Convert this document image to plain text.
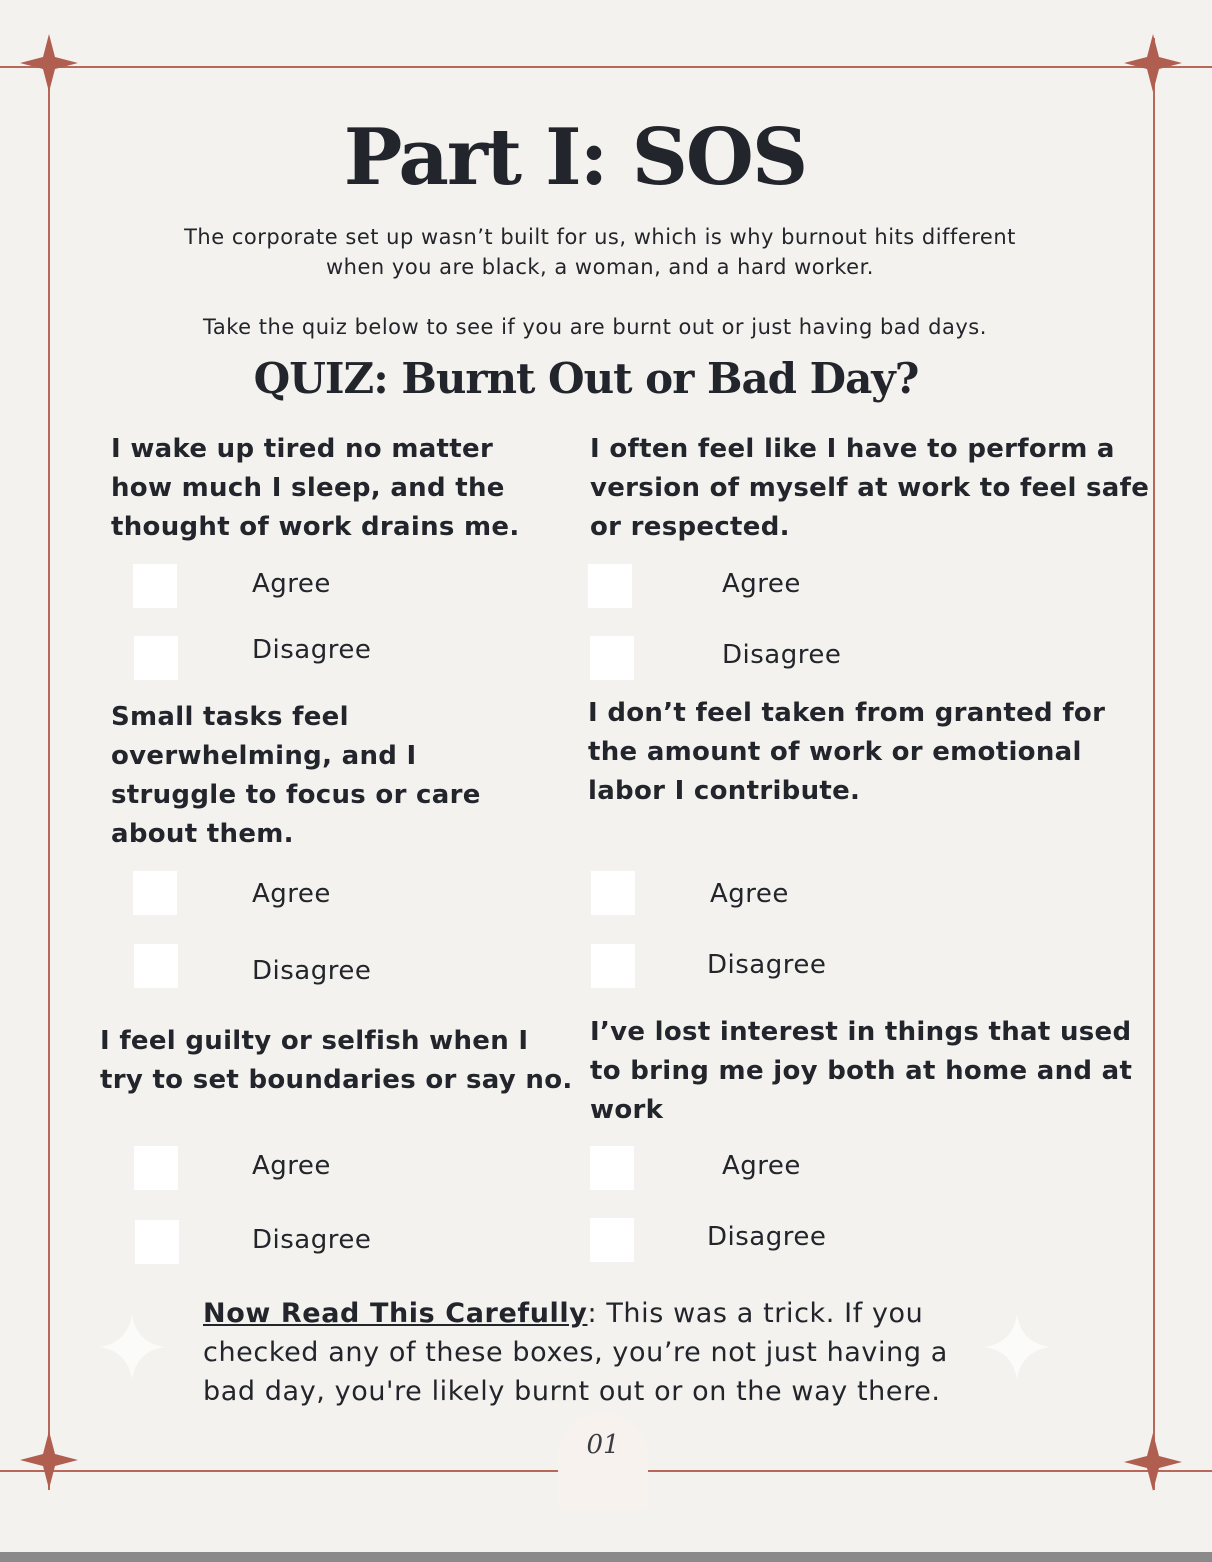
Part I: SOS

The corporate set up wasn’t built for us, which is why burnout hits different

when you are black, a woman, and a hard worker.

Take the quiz below to see if you are burnt out or just having bad days.

QUIZ: Burnt Out or Bad Day?
I wake up tired no matter
how much I sleep, and the
thought of work drains me.
Agree
Disagree
I often feel like I have to perform a
version of myself at work to feel safe
or respected.
Agree
Disagree
Small tasks feel
overwhelming, and I
struggle to focus or care
about them.
Agree
Disagree
I don’t feel taken from granted for
the amount of work or emotional
labor I contribute.
Agree
Disagree
I feel guilty or selfish when I
try to set boundaries or say no.
Agree
Disagree
I’ve lost interest in things that used
to bring me joy both at home and at
work
Agree
Disagree
Now Read This Carefully: This was a trick. If you
checked any of these boxes, you’re not just having a
bad day, you're likely burnt out or on the way there.
01
